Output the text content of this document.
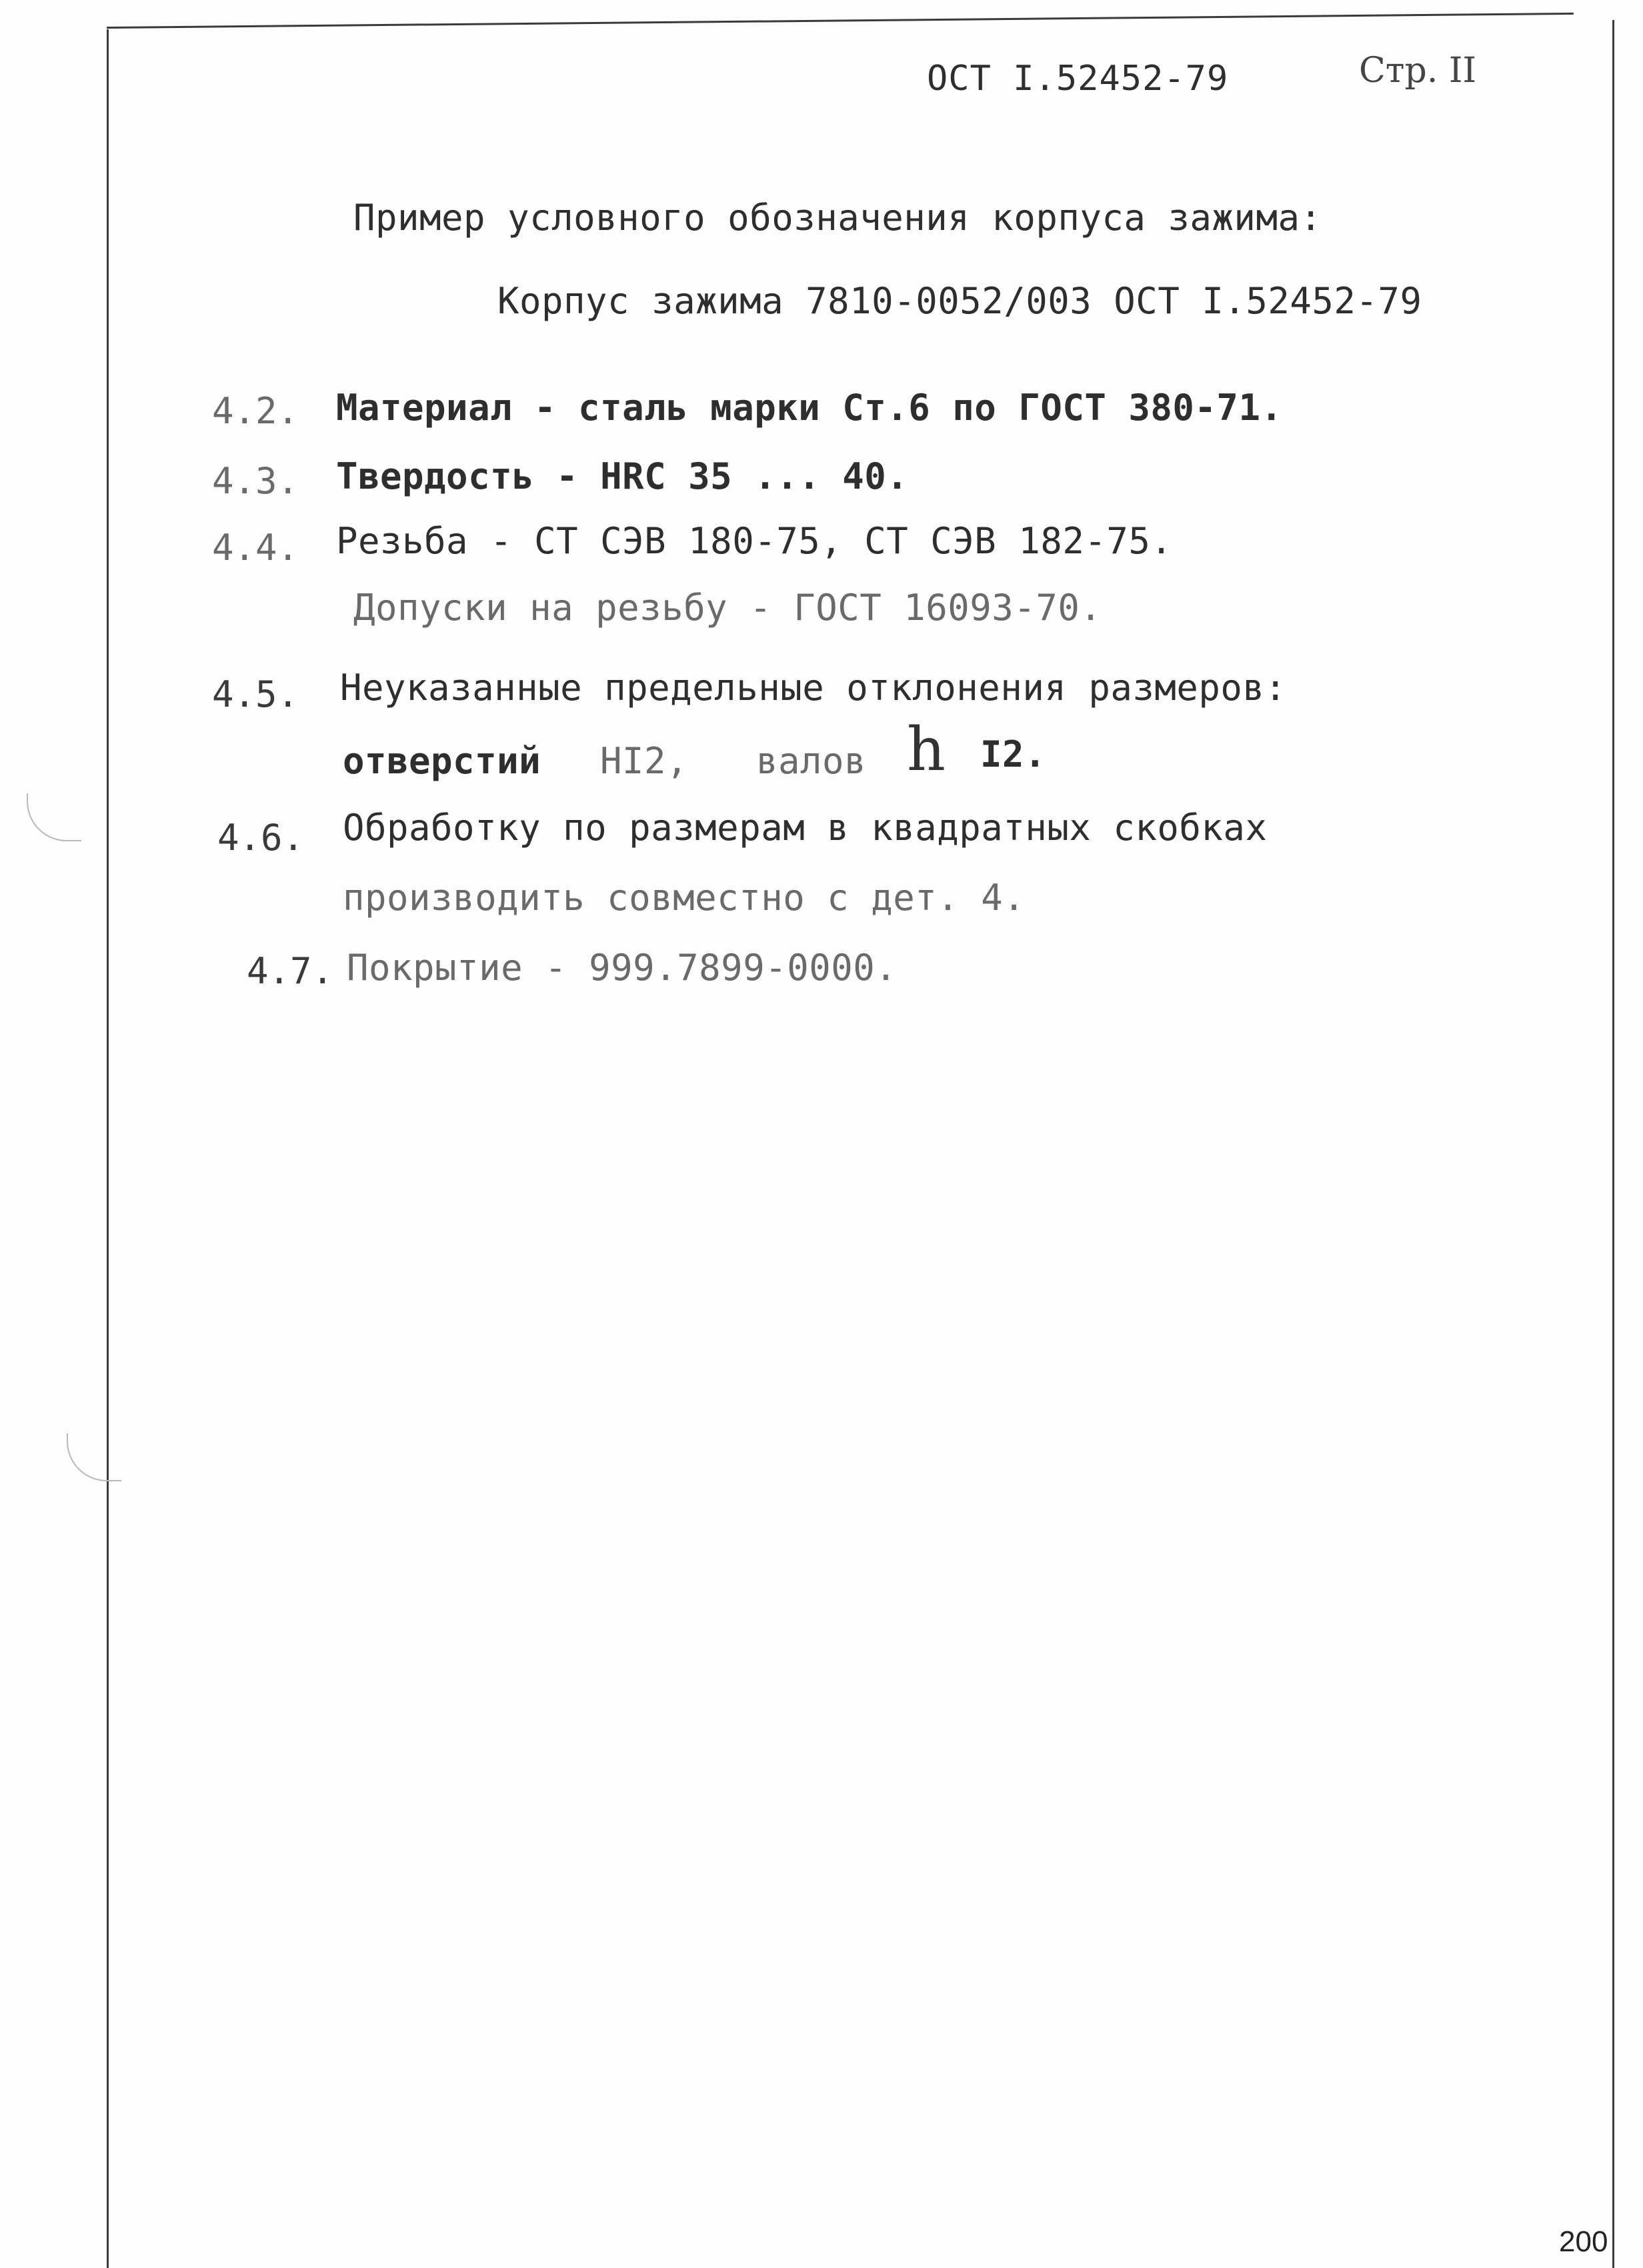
ОСТ I.52452-79	Стр. II
Пример условного обозначения корпуса зажима:
Корпус зажима 7810-0052/003 ОСТ I.52452-79
4.2. Материал - сталь марки Ст.6 по ГОСТ 380-71.
4.3. Твердость - HRC 35 ... 40.
4.4. Резьба - СТ СЭВ 180-75, СТ СЭВ 182-75.
Допуски на резьбу - ГОСТ 16093-70.
4.5. Неуказанные предельные отклонения размеров:
отверстий HI2, валов h I2.
4.6. Обработку по размерам в квадратных скобках
производить совместно с дет. 4.
4.7. Покрытие - 999.7899-0000.
200
